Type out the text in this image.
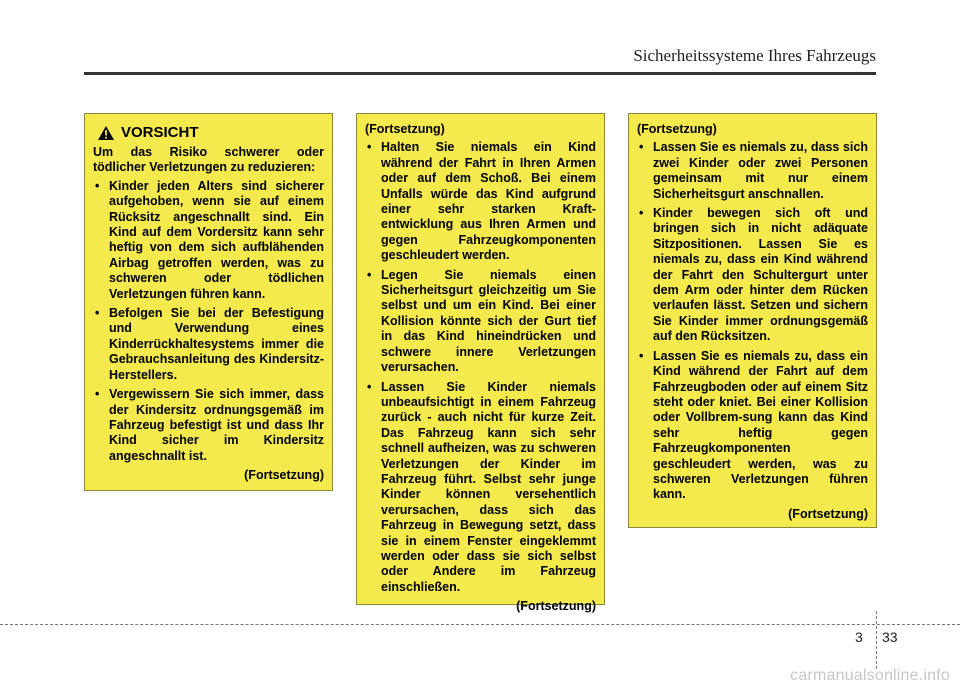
Sicherheitssysteme Ihres Fahrzeugs
VORSICHT
Um das Risiko schwerer oder tödlicher Verletzungen zu reduzieren:
• Kinder jeden Alters sind sicherer aufgehoben, wenn sie auf einem Rücksitz angeschnallt sind. Ein Kind auf dem Vordersitz kann sehr heftig von dem sich aufblähenden Airbag getroffen werden, was zu schweren oder tödlichen Verletzungen führen kann.
• Befolgen Sie bei der Befestigung und Verwendung eines Kinderrückhaltesystems immer die Gebrauchsanleitung des Kindersitz-Herstellers.
• Vergewissern Sie sich immer, dass der Kindersitz ordnungsgemäß im Fahrzeug befestigt ist und dass Ihr Kind sicher im Kindersitz angeschnallt ist.
(Fortsetzung)
(Fortsetzung)
• Halten Sie niemals ein Kind während der Fahrt in Ihren Armen oder auf dem Schoß. Bei einem Unfalls würde das Kind aufgrund einer sehr starken Kraft-entwicklung aus Ihren Armen und gegen Fahrzeugkomponenten geschleudert werden.
• Legen Sie niemals einen Sicherheitsgurt gleichzeitig um Sie selbst und um ein Kind. Bei einer Kollision könnte sich der Gurt tief in das Kind hineindrücken und schwere innere Verletzungen verursachen.
• Lassen Sie Kinder niemals unbeaufsichtigt in einem Fahrzeug zurück - auch nicht für kurze Zeit. Das Fahrzeug kann sich sehr schnell aufheizen, was zu schweren Verletzungen der Kinder im Fahrzeug führt. Selbst sehr junge Kinder können versehentlich verursachen, dass sich das Fahrzeug in Bewegung setzt, dass sie in einem Fenster eingeklemmt werden oder dass sie sich selbst oder Andere im Fahrzeug einschließen.
(Fortsetzung)
(Fortsetzung)
• Lassen Sie es niemals zu, dass sich zwei Kinder oder zwei Personen gemeinsam mit nur einem Sicherheitsgurt anschnallen.
• Kinder bewegen sich oft und bringen sich in nicht adäquate Sitzpositionen. Lassen Sie es niemals zu, dass ein Kind während der Fahrt den Schultergurt unter dem Arm oder hinter dem Rücken verlaufen lässt. Setzen und sichern Sie Kinder immer ordnungsgemäß auf den Rücksitzen.
• Lassen Sie es niemals zu, dass ein Kind während der Fahrt auf dem Fahrzeugboden oder auf einem Sitz steht oder kniet. Bei einer Kollision oder Vollbrem-sung kann das Kind sehr heftig gegen Fahrzeugkomponenten geschleudert werden, was zu schweren Verletzungen führen kann.
(Fortsetzung)
3 33
carmanualsonline.info
